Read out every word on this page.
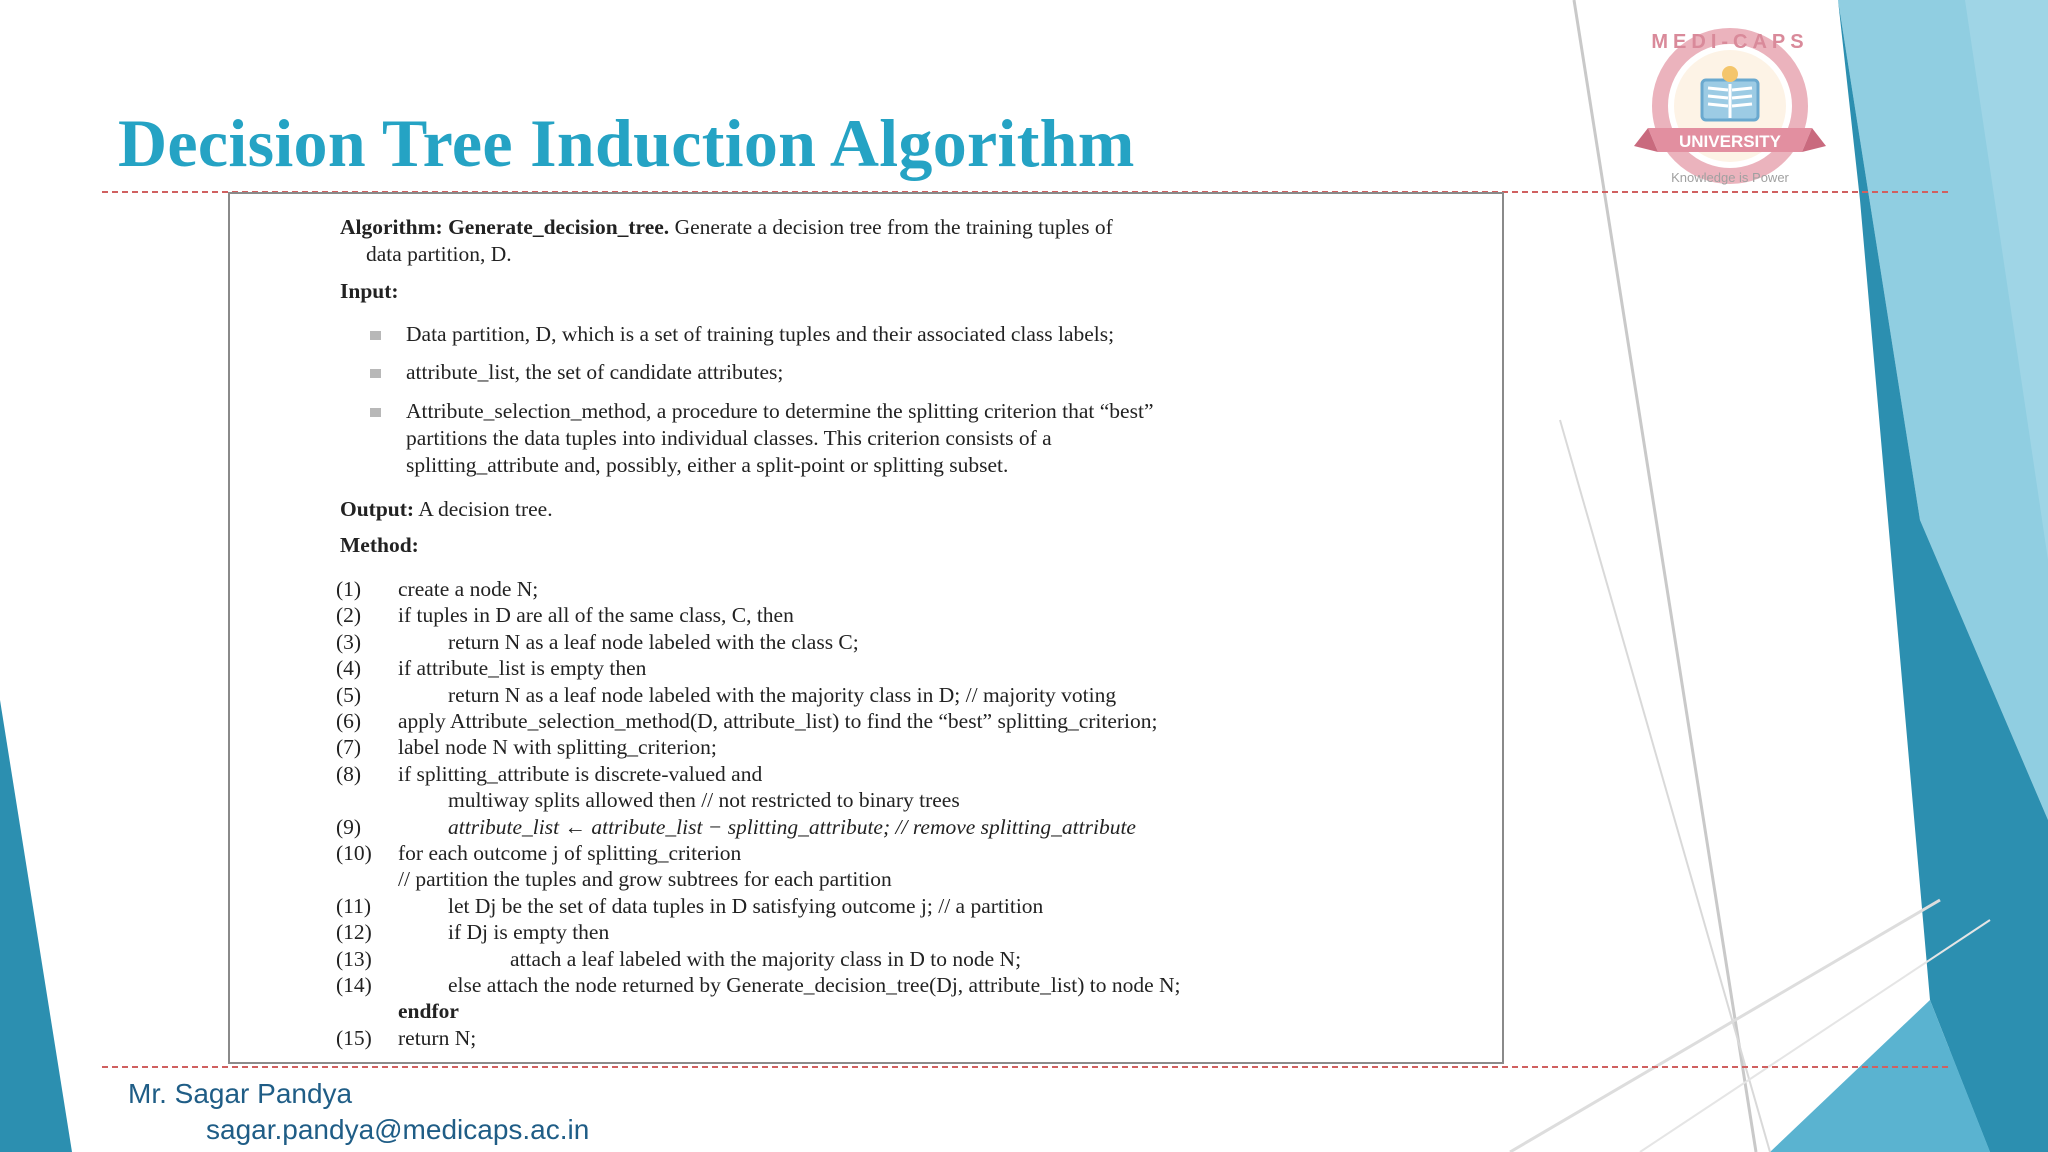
UNIVERSITY
MEDI-CAPS
Knowledge is Power
Decision Tree Induction Algorithm
Algorithm: Generate_decision_tree. Generate a decision tree from the training tuples of
data partition, D.
Input:
Data partition, D, which is a set of training tuples and their associated class labels;
attribute_list, the set of candidate attributes;
Attribute_selection_method, a procedure to determine the splitting criterion that “best”
partitions the data tuples into individual classes. This criterion consists of a
splitting_attribute and, possibly, either a split-point or splitting subset.
Output: A decision tree.
Method:
(1) create a node N;
(2) if tuples in D are all of the same class, C, then
(3)	return N as a leaf node labeled with the class C;
(4) if attribute_list is empty then
(5)	return N as a leaf node labeled with the majority class in D; // majority voting
(6) apply Attribute_selection_method(D, attribute_list) to find the “best” splitting_criterion;
(7) label node N with splitting_criterion;
(8) if splitting_attribute is discrete-valued and
multiway splits allowed then // not restricted to binary trees
(9)	attribute_list ← attribute_list − splitting_attribute; // remove splitting_attribute
(10) for each outcome j of splitting_criterion
// partition the tuples and grow subtrees for each partition
(11)	let Dj be the set of data tuples in D satisfying outcome j; // a partition
(12)	if Dj is empty then
(13)	attach a leaf labeled with the majority class in D to node N;
(14)	else attach the node returned by Generate_decision_tree(Dj, attribute_list) to node N;
endfor
(15) return N;
Mr. Sagar Pandya
sagar.pandya@medicaps.ac.in
